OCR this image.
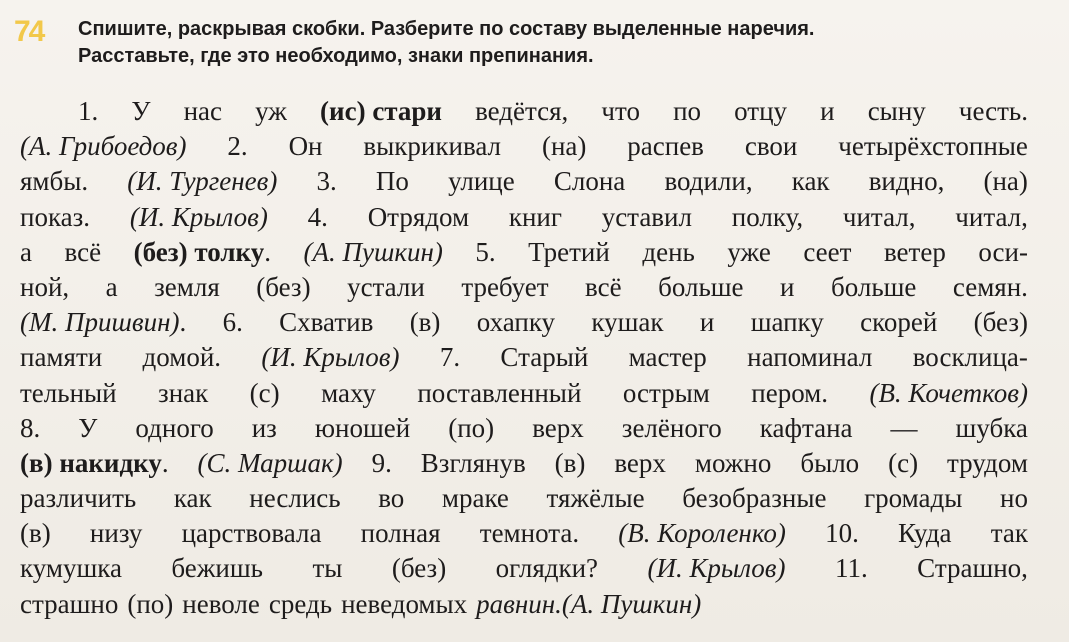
74	Спишите, раскрывая скобки. Разберите по составу выделенные наречия.
Расставьте, где это необходимо, знаки препинания.
1. У нас уж (ис) стари ведётся, что по отцу и сыну честь.
(А. Грибоедов) 2. Он выкрикивал (на) распев свои четырёхстопные
ямбы. (И. Тургенев) 3. По улице Слона водили, как видно, (на)
показ. (И. Крылов) 4. Отрядом книг уставил полку, читал, читал,
а всё (без) толку. (А. Пушкин) 5. Третий день уже сеет ветер оси-
ной, а земля (без) устали требует всё больше и больше семян.
(М. Пришвин). 6. Схватив (в) охапку кушак и шапку скорей (без)
памяти домой. (И. Крылов) 7. Старый мастер напоминал восклица-
тельный знак (с) маху поставленный острым пером. (В. Кочетков)
8. У одного из юношей (по) верх зелёного кафтана — шубка
(в) накидку. (С. Маршак) 9. Взглянув (в) верх можно было (с) трудом
различить как неслись во мраке тяжёлые безобразные громады но
(в) низу царствовала полная темнота. (В. Короленко) 10. Куда так
кумушка бежишь ты (без) оглядки? (И. Крылов) 11. Страшно,
страшно (по) неволе средь неведомых равнин.(А. Пушкин)
